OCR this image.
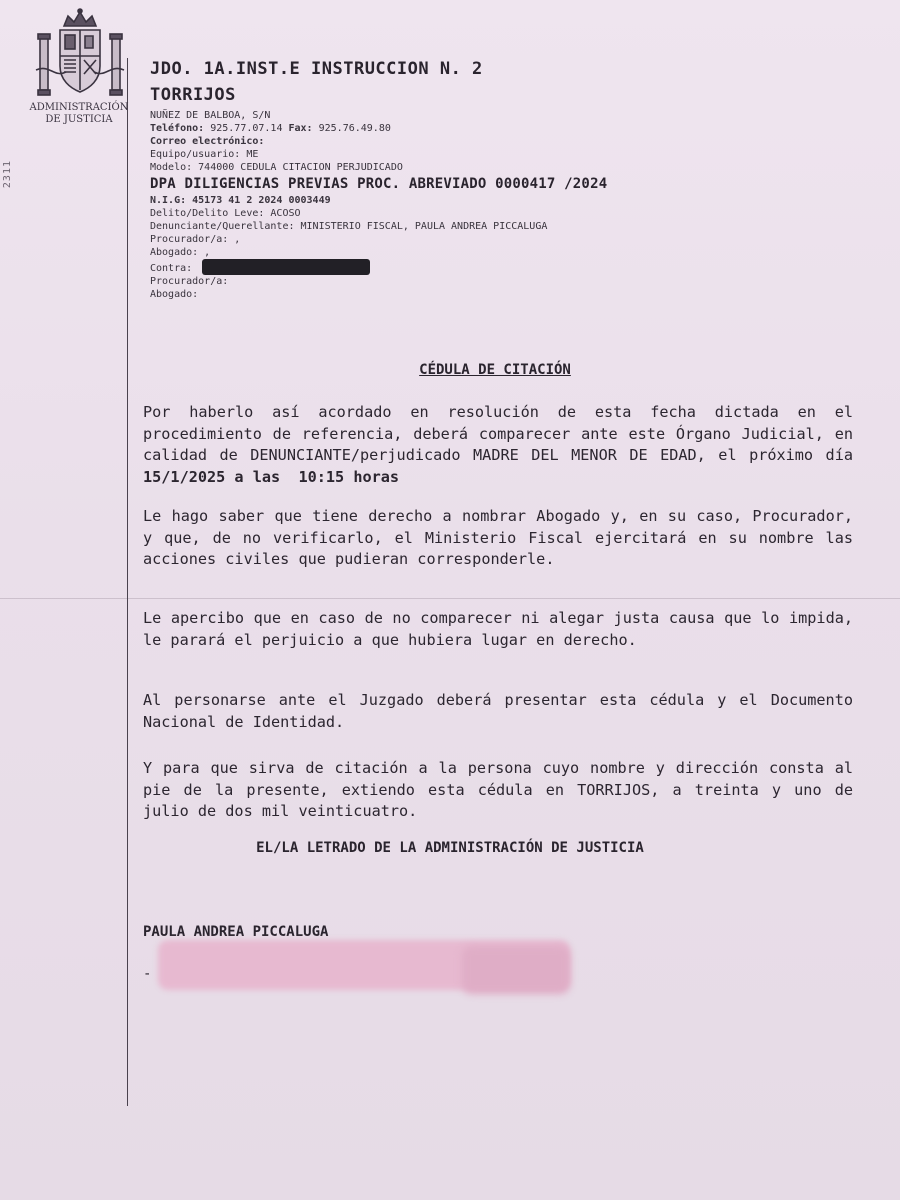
2311
ADMINISTRACIÓN
DE JUSTICIA
JDO. 1A.INST.E INSTRUCCION N. 2
TORRIJOS
NUÑEZ DE BALBOA, S/N
Teléfono: 925.77.07.14 Fax: 925.76.49.80
Correo electrónico:
Equipo/usuario: ME
Modelo: 744000 CEDULA CITACION PERJUDICADO
DPA DILIGENCIAS PREVIAS PROC. ABREVIADO 0000417 /2024
N.I.G: 45173 41 2 2024 0003449
Delito/Delito Leve: ACOSO
Denunciante/Querellante: MINISTERIO FISCAL, PAULA ANDREA PICCALUGA
Procurador/a: ,
Abogado: ,
Contra:
Procurador/a:
Abogado:
CÉDULA DE CITACIÓN

Por haberlo así acordado en resolución de esta fecha dictada en el procedimiento de referencia, deberá comparecer ante este Órgano Judicial, en calidad de DENUNCIANTE/perjudicado MADRE DEL MENOR DE EDAD, el próximo día 15/1/2025 a las 10:15 horas

Le hago saber que tiene derecho a nombrar Abogado y, en su caso, Procurador, y que, de no verificarlo, el Ministerio Fiscal ejercitará en su nombre las acciones civiles que pudieran corresponderle.

Le apercibo que en caso de no comparecer ni alegar justa causa que lo impida, le parará el perjuicio a que hubiera lugar en derecho.

Al personarse ante el Juzgado deberá presentar esta cédula y el Documento Nacional de Identidad.

Y para que sirva de citación a la persona cuyo nombre y dirección consta al pie de la presente, extiendo esta cédula en TORRIJOS, a treinta y uno de julio de dos mil veinticuatro.

EL/LA LETRADO DE LA ADMINISTRACIÓN DE JUSTICIA
PAULA ANDREA PICCALUGA
-
